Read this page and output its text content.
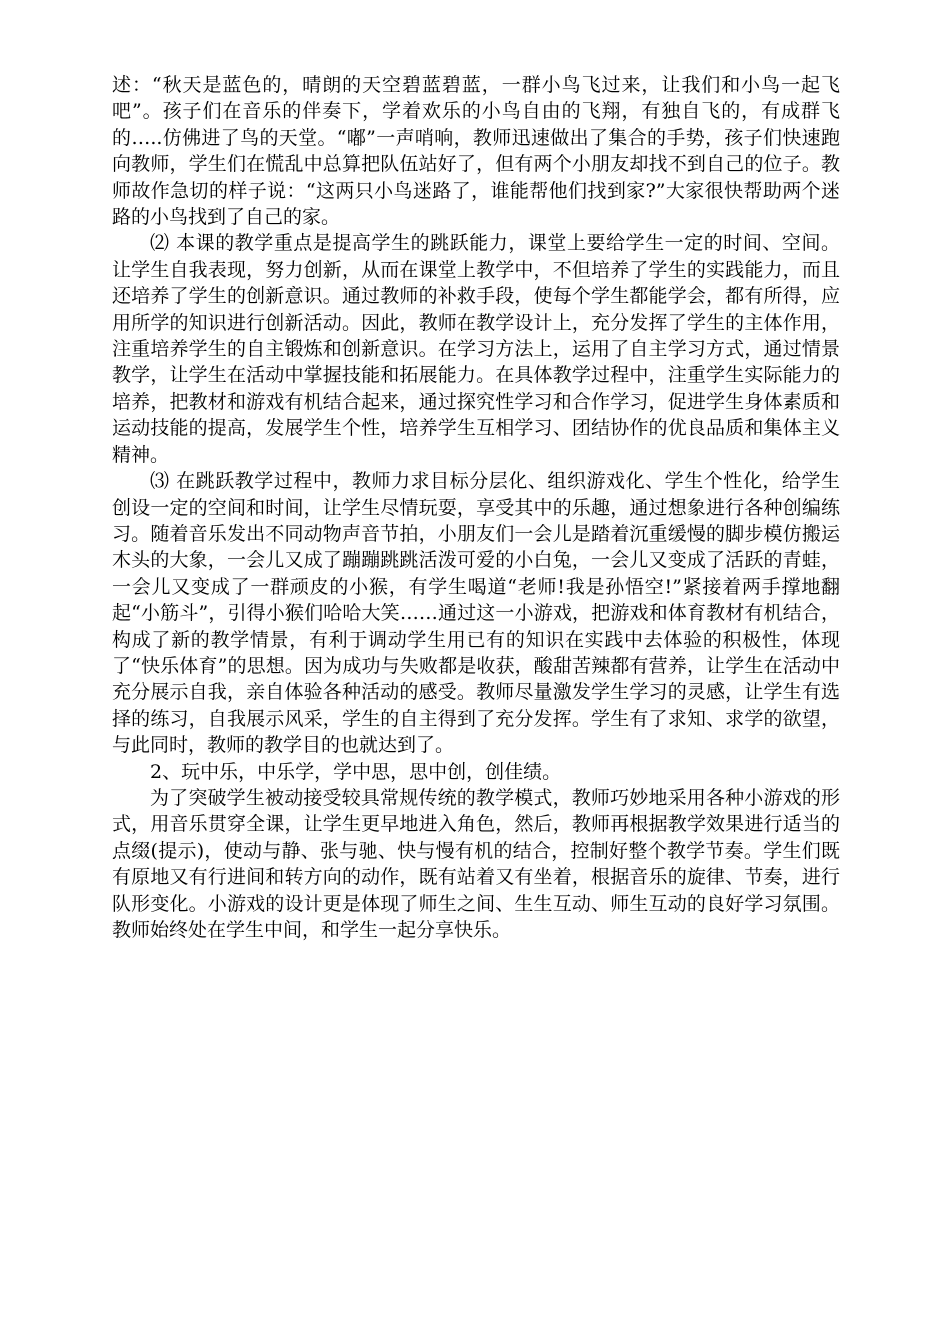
述：“秋天是蓝色的，晴朗的天空碧蓝碧蓝，一群小鸟飞过来，让我们和小鸟一起飞吧”。孩子们在音乐的伴奏下，学着欢乐的小鸟自由的飞翔，有独自飞的，有成群飞的…..仿佛进了鸟的天堂。“嘟”一声哨响，教师迅速做出了集合的手势，孩子们快速跑向教师，学生们在慌乱中总算把队伍站好了，但有两个小朋友却找不到自己的位子。教师故作急切的样子说：“这两只小鸟迷路了，谁能帮他们找到家?”大家很快帮助两个迷路的小鸟找到了自己的家。

⑵ 本课的教学重点是提高学生的跳跃能力，课堂上要给学生一定的时间、空间。让学生自我表现，努力创新，从而在课堂上教学中，不但培养了学生的实践能力，而且还培养了学生的创新意识。通过教师的补救手段，使每个学生都能学会，都有所得，应用所学的知识进行创新活动。因此，教师在教学设计上，充分发挥了学生的主体作用，注重培养学生的自主锻炼和创新意识。在学习方法上，运用了自主学习方式，通过情景教学，让学生在活动中掌握技能和拓展能力。在具体教学过程中，注重学生实际能力的培养，把教材和游戏有机结合起来，通过探究性学习和合作学习，促进学生身体素质和运动技能的提高，发展学生个性，培养学生互相学习、团结协作的优良品质和集体主义精神。

⑶ 在跳跃教学过程中，教师力求目标分层化、组织游戏化、学生个性化，给学生创设一定的空间和时间，让学生尽情玩耍，享受其中的乐趣，通过想象进行各种创编练习。随着音乐发出不同动物声音节拍，小朋友们一会儿是踏着沉重缓慢的脚步模仿搬运木头的大象，一会儿又成了蹦蹦跳跳活泼可爱的小白兔，一会儿又变成了活跃的青蛙，一会儿又变成了一群顽皮的小猴，有学生喝道“老师!我是孙悟空!”紧接着两手撑地翻起“小筋斗”，引得小猴们哈哈大笑……通过这一小游戏，把游戏和体育教材有机结合，构成了新的教学情景，有利于调动学生用已有的知识在实践中去体验的积极性，体现了“快乐体育”的思想。因为成功与失败都是收获，酸甜苦辣都有营养，让学生在活动中充分展示自我，亲自体验各种活动的感受。教师尽量激发学生学习的灵感，让学生有选择的练习，自我展示风采，学生的自主得到了充分发挥。学生有了求知、求学的欲望，与此同时，教师的教学目的也就达到了。

2、玩中乐，中乐学，学中思，思中创，创佳绩。

为了突破学生被动接受较具常规传统的教学模式，教师巧妙地采用各种小游戏的形式，用音乐贯穿全课，让学生更早地进入角色，然后，教师再根据教学效果进行适当的点缀(提示)，使动与静、张与驰、快与慢有机的结合，控制好整个教学节奏。学生们既有原地又有行进间和转方向的动作，既有站着又有坐着，根据音乐的旋律、节奏，进行队形变化。小游戏的设计更是体现了师生之间、生生互动、师生互动的良好学习氛围。教师始终处在学生中间，和学生一起分享快乐。
